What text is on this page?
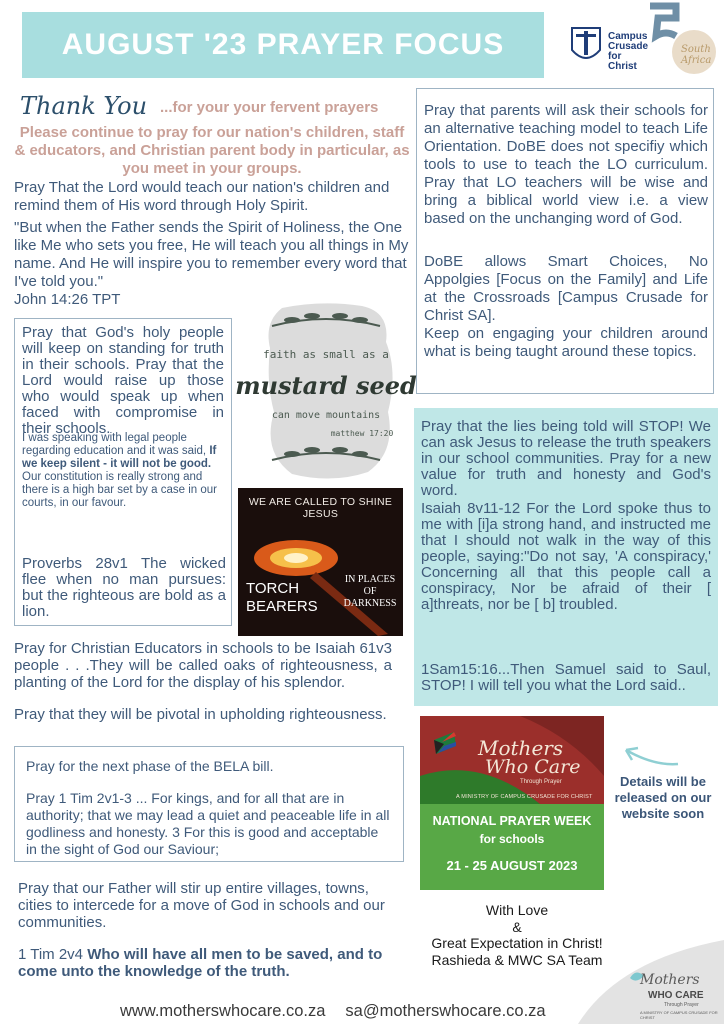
AUGUST '23 PRAYER FOCUS	Campus Crusade for Christ
South Africa
Thank You ...for your your fervent prayers
Please continue to pray for our nation's children, staff & educators, and Christian parent body in particular, as you meet in your groups.
Pray That the Lord would teach our nation's children and remind them of His word through Holy Spirit.
"But when the Father sends the Spirit of Holiness, the One like Me who sets you free, He will teach you all things in My name. And He will inspire you to remember every word that I've told you."
John 14:26 TPT
Pray that parents will ask their schools for an alternative teaching model to teach Life Orientation. DoBE does not specifiy which tools to use to teach the LO curriculum. Pray that LO teachers will be wise and bring a biblical world view i.e. a view based on the unchanging word of God.
DoBE allows Smart Choices, No Appolgies [Focus on the Family] and Life at the Crossroads [Campus Crusade for Christ SA].
Keep on engaging your children around what is being taught around these topics.
Pray that God's holy people will keep on standing for truth in their schools. Pray that the Lord would raise up those who would speak up when faced with compromise in their schools.
I was speaking with legal people regarding education and it was said, If we keep silent - it will not be good. Our constitution is really strong and there is a high bar set by a case in our courts, in our favour.
Proverbs 28v1 The wicked flee when no man pursues: but the righteous are bold as a lion.
faith as small as a
mustard seed
can move mountains
matthew 17:20
WE ARE CALLED TO SHINE JESUS
TORCH
BEARERS
IN PLACES OF DARKNESS
Pray for Christian Educators in schools to be Isaiah 61v3 people . . .They will be called oaks of righteousness, a planting of the Lord for the display of his splendor.
Pray that they will be pivotal in upholding righteousness.
Pray for the next phase of the BELA bill.
Pray 1 Tim 2v1-3 ... For kings, and for all that are in authority; that we may lead a quiet and peaceable life in all godliness and honesty. 3 For this is good and acceptable in the sight of God our Saviour;
Pray that our Father will stir up entire villages, towns, cities to intercede for a move of God in schools and our communities.
1 Tim 2v4 Who will have all men to be saved, and to come unto the knowledge of the truth.
Pray that the lies being told will STOP! We can ask Jesus to release the truth speakers in our school communities. Pray for a new value for truth and honesty and God's word.
Isaiah 8v11-12 For the Lord spoke thus to me with [i]a strong hand, and instructed me that I should not walk in the way of this people, saying:"Do not say, 'A conspiracy,' Concerning all that this people call a conspiracy, Nor be afraid of their [ a]threats, nor be [ b] troubled.
1Sam15:16...Then Samuel said to Saul, STOP! I will tell you what the Lord said..
Mothers
Who Care
Through Prayer
A MINISTRY OF CAMPUS CRUSADE FOR CHRIST
NATIONAL PRAYER WEEK
for schools
21 - 25 AUGUST 2023
Details will be released on our website soon
With Love
&
Great Expectation in Christ!
Rashieda & MWC SA Team
www.motherswhocare.co.za sa@motherswhocare.co.za
Mothers
WHO CARE
Through Prayer
A MINISTRY OF CAMPUS CRUSADE FOR CHRIST
